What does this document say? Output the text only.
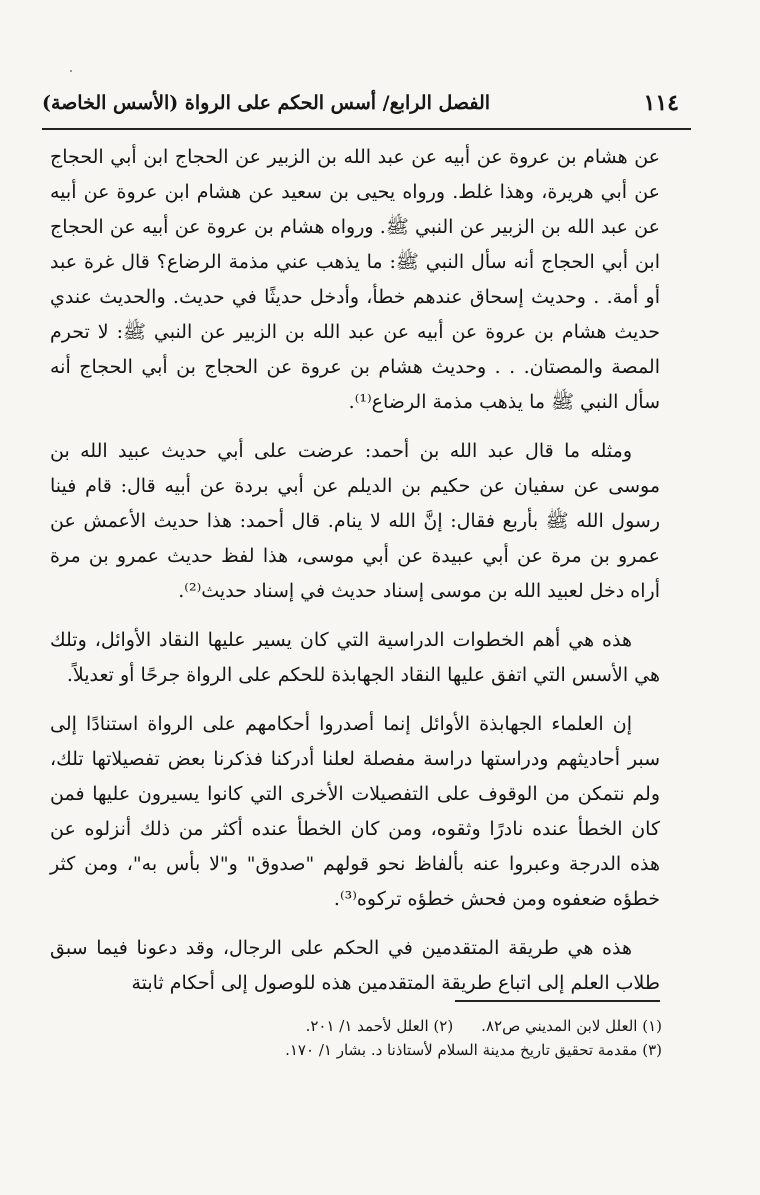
١١٤
الفصل الرابع/ أسس الحكم على الرواة (الأسس الخاصة)

عن هشام بن عروة عن أبيه عن عبد الله بن الزبير عن الحجاج ابن أبي الحجاج عن أبي هريرة، وهذا غلط. ورواه يحيى بن سعيد عن هشام ابن عروة عن أبيه عن عبد الله بن الزبير عن النبي ﷺ. ورواه هشام بن عروة عن أبيه عن الحجاج ابن أبي الحجاج أنه سأل النبي ﷺ: ما يذهب عني مذمة الرضاع؟ قال غرة عبد أو أمة. . وحديث إسحاق عندهم خطأ، وأدخل حديثًا في حديث. والحديث عندي حديث هشام بن عروة عن أبيه عن عبد الله بن الزبير عن النبي ﷺ: لا تحرم المصة والمصتان. . . وحديث هشام بن عروة عن الحجاج بن أبي الحجاج أنه سأل النبي ﷺ ما يذهب مذمة الرضاع⁽¹⁾.

ومثله ما قال عبد الله بن أحمد: عرضت على أبي حديث عبيد الله بن موسى عن سفيان عن حكيم بن الديلم عن أبي بردة عن أبيه قال: قام فينا رسول الله ﷺ بأربع فقال: إنَّ الله لا ينام. قال أحمد: هذا حديث الأعمش عن عمرو بن مرة عن أبي عبيدة عن أبي موسى، هذا لفظ حديث عمرو بن مرة أراه دخل لعبيد الله بن موسى إسناد حديث في إسناد حديث⁽²⁾.

هذه هي أهم الخطوات الدراسية التي كان يسير عليها النقاد الأوائل، وتلك هي الأسس التي اتفق عليها النقاد الجهابذة للحكم على الرواة جرحًا أو تعديلاً.

إن العلماء الجهابذة الأوائل إنما أصدروا أحكامهم على الرواة استنادًا إلى سبر أحاديثهم ودراستها دراسة مفصلة لعلنا أدركنا فذكرنا بعض تفصيلاتها تلك، ولم نتمكن من الوقوف على التفصيلات الأخرى التي كانوا يسيرون عليها فمن كان الخطأ عنده نادرًا وثقوه، ومن كان الخطأ عنده أكثر من ذلك أنزلوه عن هذه الدرجة وعبروا عنه بألفاظ نحو قولهم "صدوق" و"لا بأس به"، ومن كثر خطؤه ضعفوه ومن فحش خطؤه تركوه⁽³⁾.

هذه هي طريقة المتقدمين في الحكم على الرجال، وقد دعونا فيما سبق طلاب العلم إلى اتباع طريقة المتقدمين هذه للوصول إلى أحكام ثابتة

(١) العلل لابن المديني ص٨٢.(٢) العلل لأحمد ١/ ٢٠١.
(٣) مقدمة تحقيق تاريخ مدينة السلام لأستاذنا د. بشار ١/ ١٧٠.
